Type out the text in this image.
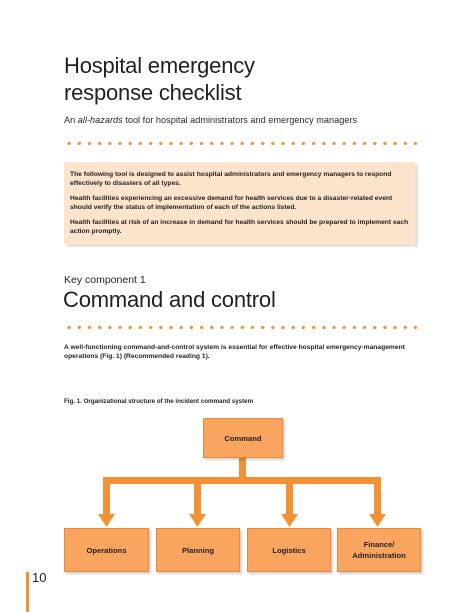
Hospital emergency
response checklist
An all-hazards tool for hospital administrators and emergency managers

The following tool is designed to assist hospital administrators and emergency managers to respond effectively to disasters of all types.

Health facilities experiencing an excessive demand for health services due to a disaster-related event should verify the status of implementation of each of the actions listed.

Health facilities at risk of an increase in demand for health services should be prepared to implement each action promptly.

Key component 1
Command and control
A well-functioning command-and-control system is essential for effective hospital emergency-management operations (Fig. 1) (Recommended reading 1).
Fig. 1. Organizational structure of the incident command system
Command
Operations	Planning	Logistics
Finance/ Administration
10
